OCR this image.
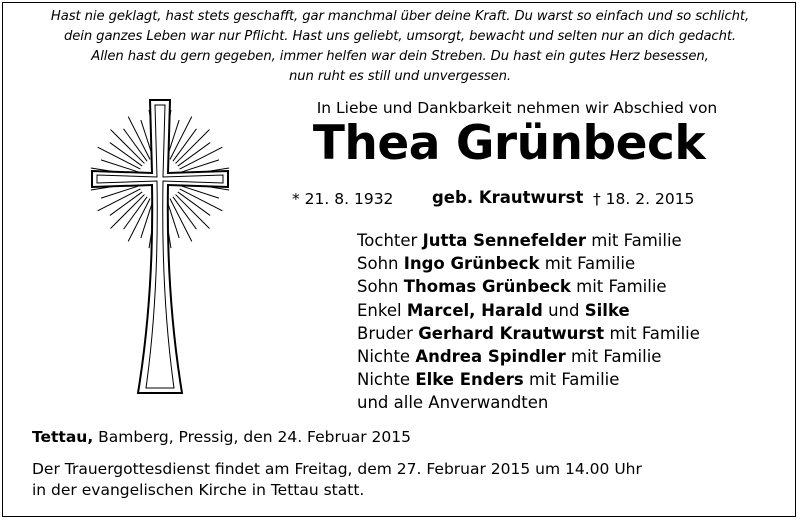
Hast nie geklagt, hast stets geschafft, gar manchmal über deine Kraft. Du warst so einfach und so schlicht,
dein ganzes Leben war nur Pflicht. Hast uns geliebt, umsorgt, bewacht und selten nur an dich gedacht.
Allen hast du gern gegeben, immer helfen war dein Streben. Du hast ein gutes Herz besessen,
nun ruht es still und unvergessen.
In Liebe und Dankbarkeit nehmen wir Abschied von
Thea Grünbeck
* 21. 8. 1932 geb. Krautwurst † 18. 2. 2015
Tochter Jutta Sennefelder mit Familie
Sohn Ingo Grünbeck mit Familie
Sohn Thomas Grünbeck mit Familie
Enkel Marcel, Harald und Silke
Bruder Gerhard Krautwurst mit Familie
Nichte Andrea Spindler mit Familie
Nichte Elke Enders mit Familie
und alle Anverwandten
Tettau, Bamberg, Pressig, den 24. Februar 2015
Der Trauergottesdienst findet am Freitag, dem 27. Februar 2015 um 14.00 Uhr
in der evangelischen Kirche in Tettau statt.
